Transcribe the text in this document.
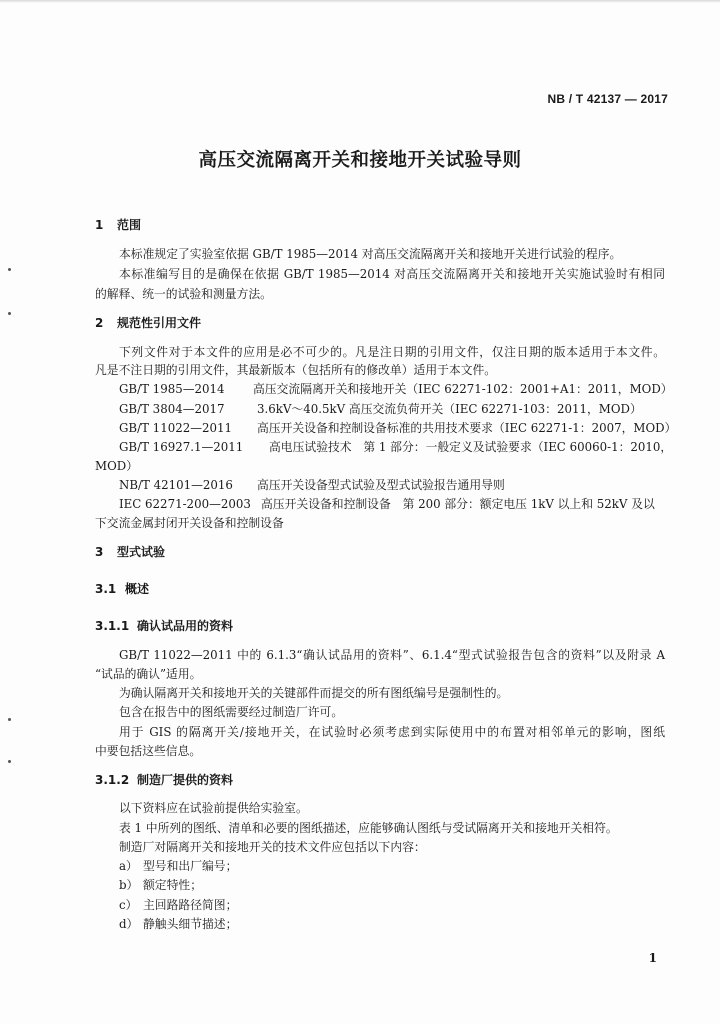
NB / T 42137 — 2017
高压交流隔离开关和接地开关试验导则
1 范围
本标准规定了实验室依据 GB/T 1985—2014 对高压交流隔离开关和接地开关进行试验的程序。
本标准编写目的是确保在依据 GB/T 1985—2014 对高压交流隔离开关和接地开关实施试验时有相同
的解释、统一的试验和测量方法。
2 规范性引用文件
下列文件对于本文件的应用是必不可少的。凡是注日期的引用文件，仅注日期的版本适用于本文件。
凡是不注日期的引用文件，其最新版本（包括所有的修改单）适用于本文件。
GB/T 1985—2014 高压交流隔离开关和接地开关（IEC 62271-102：2001+A1：2011，MOD）
GB/T 3804—2017	3.6kV～40.5kV 高压交流负荷开关（IEC 62271-103：2011，MOD）
GB/T 11022—2011 高压开关设备和控制设备标准的共用技术要求（IEC 62271-1：2007，MOD）
GB/T 16927.1—2011 高电压试验技术　第 1 部分：一般定义及试验要求（IEC 60060-1：2010，
MOD）
NB/T 42101—2016 高压开关设备型式试验及型式试验报告通用导则
IEC 62271-200—2003 高压开关设备和控制设备　第 200 部分：额定电压 1kV 以上和 52kV 及以
下交流金属封闭开关设备和控制设备
3 型式试验
3.1 概述
3.1.1 确认试品用的资料
GB/T 11022—2011 中的 6.1.3“确认试品用的资料”、6.1.4“型式试验报告包含的资料”以及附录 A
“试品的确认”适用。
为确认隔离开关和接地开关的关键部件而提交的所有图纸编号是强制性的。
包含在报告中的图纸需要经过制造厂许可。
用于 GIS 的隔离开关/接地开关，在试验时必须考虑到实际使用中的布置对相邻单元的影响，图纸
中要包括这些信息。
3.1.2 制造厂提供的资料
以下资料应在试验前提供给实验室。
表 1 中所列的图纸、清单和必要的图纸描述，应能够确认图纸与受试隔离开关和接地开关相符。
制造厂对隔离开关和接地开关的技术文件应包括以下内容：
a） 型号和出厂编号；
b） 额定特性；
c） 主回路路径简图；
d） 静触头细节描述；
1
